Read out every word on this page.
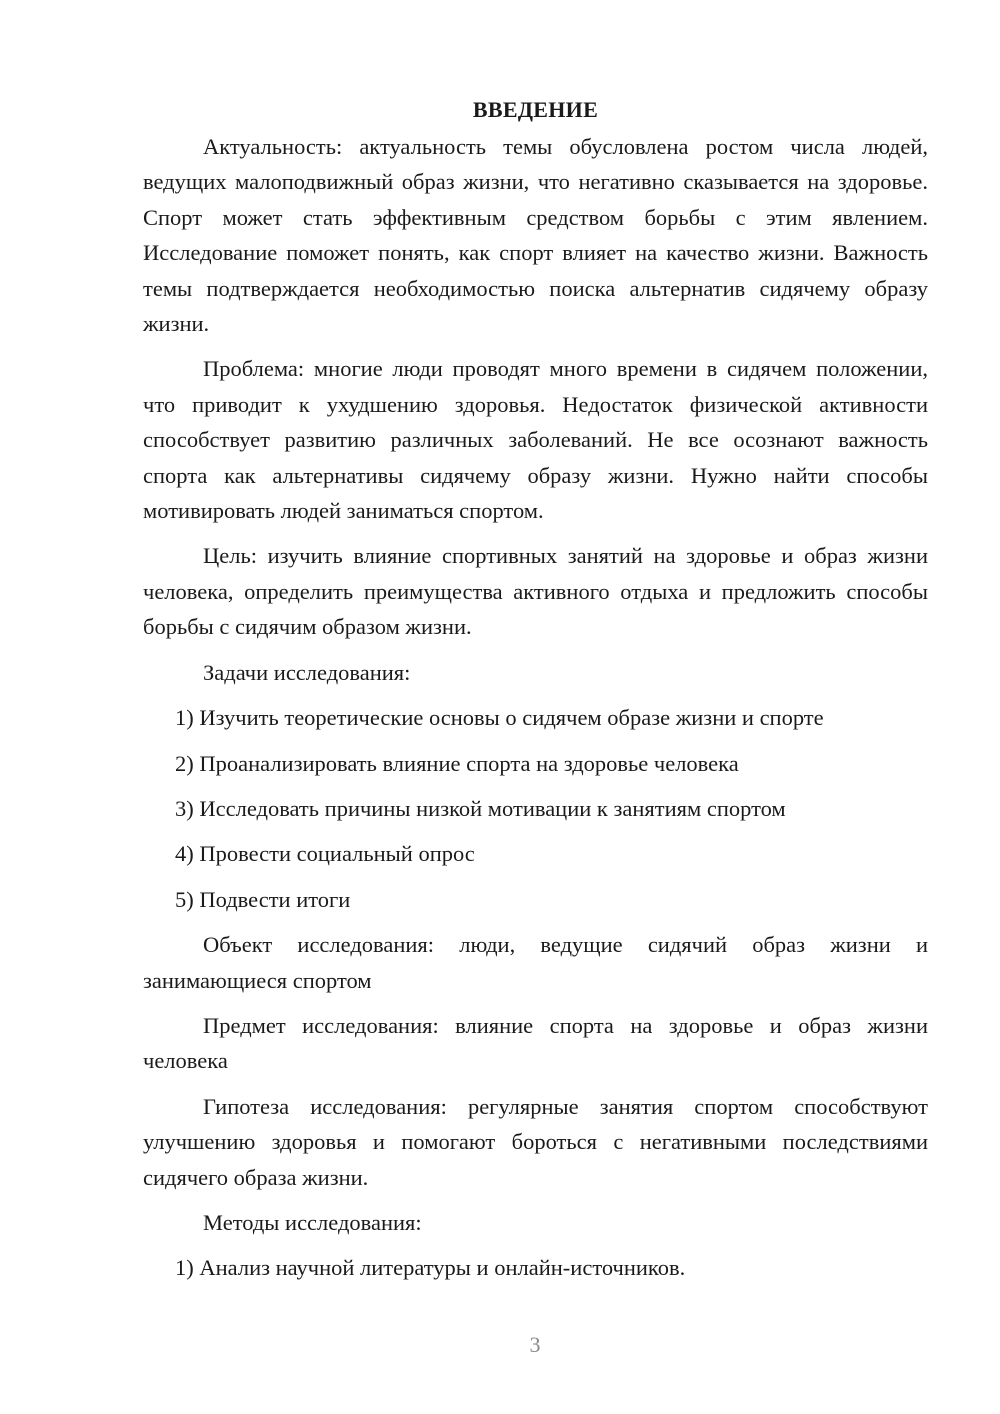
ВВЕДЕНИЕ

Актуальность: актуальность темы обусловлена ростом числа людей, ведущих малоподвижный образ жизни, что негативно сказывается на здоровье. Спорт может стать эффективным средством борьбы с этим явлением. Исследование поможет понять, как спорт влияет на качество жизни. Важность темы подтверждается необходимостью поиска альтернатив сидячему образу жизни.

Проблема: многие люди проводят много времени в сидячем положении, что приводит к ухудшению здоровья. Недостаток физической активности способствует развитию различных заболеваний. Не все осознают важность спорта как альтернативы сидячему образу жизни. Нужно найти способы мотивировать людей заниматься спортом.

Цель: изучить влияние спортивных занятий на здоровье и образ жизни человека, определить преимущества активного отдыха и предложить способы борьбы с сидячим образом жизни.

Задачи исследования:

1) Изучить теоретические основы о сидячем образе жизни и спорте
2) Проанализировать влияние спорта на здоровье человека
3) Исследовать причины низкой мотивации к занятиям спортом
4) Провести социальный опрос
5) Подвести итоги

Объект исследования: люди, ведущие сидячий образ жизни и занимающиеся спортом

Предмет исследования: влияние спорта на здоровье и образ жизни человека

Гипотеза исследования: регулярные занятия спортом способствуют улучшению здоровья и помогают бороться с негативными последствиями сидячего образа жизни.

Методы исследования:

1) Анализ научной литературы и онлайн-источников.
3
